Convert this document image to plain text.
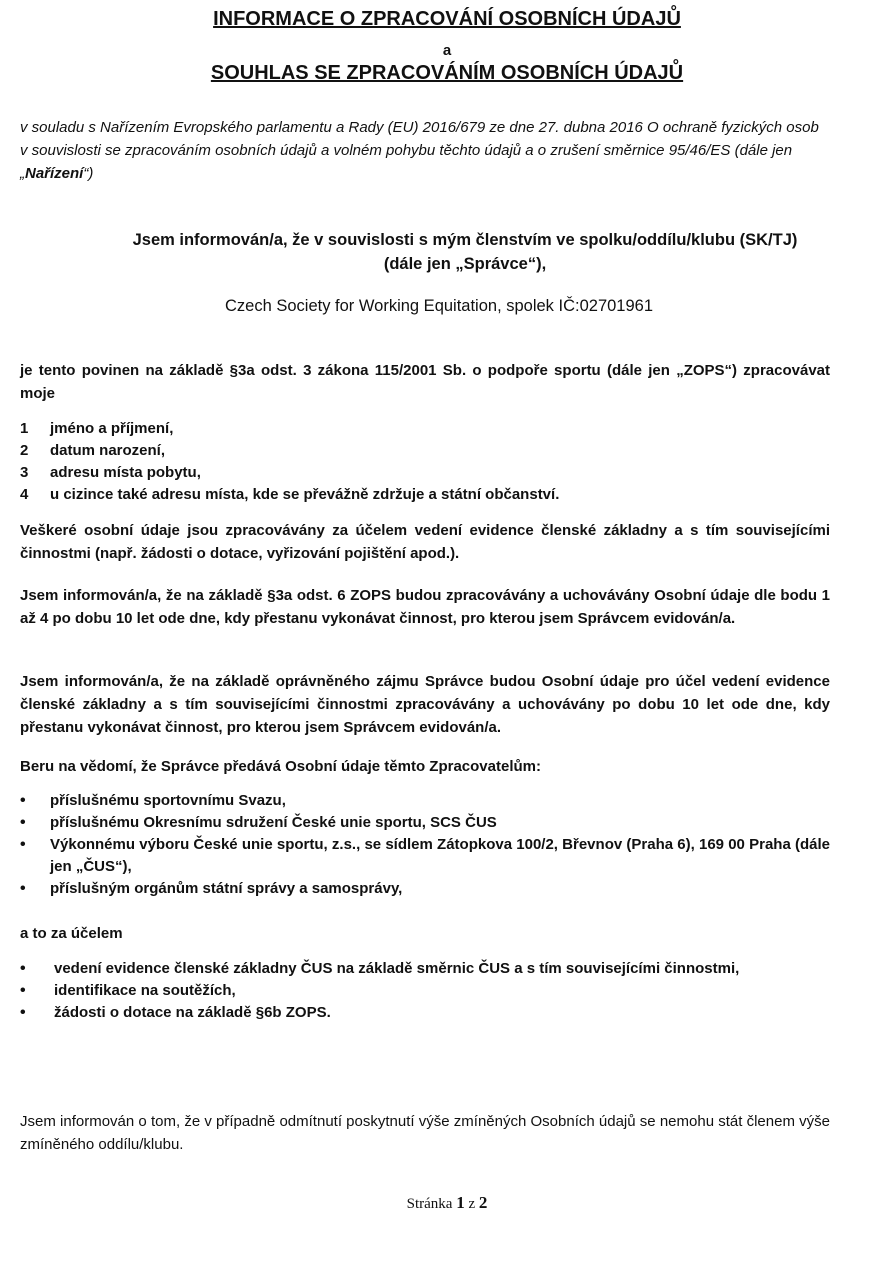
INFORMACE O ZPRACOVÁNÍ OSOBNÍCH ÚDAJŮ
a
SOUHLAS SE ZPRACOVÁNÍM OSOBNÍCH ÚDAJŮ
v souladu s Nařízením Evropského parlamentu a Rady (EU) 2016/679 ze dne 27. dubna 2016 O ochraně fyzických osob v souvislosti se zpracováním osobních údajů a volném pohybu těchto údajů a o zrušení směrnice 95/46/ES (dále jen „Nařízení“)
Jsem informován/a, že v souvislosti s mým členstvím ve spolku/oddílu/klubu (SK/TJ)
(dále jen „Správce“),
Czech Society for Working Equitation, spolek IČ:02701961
je tento povinen na základě §3a odst. 3 zákona 115/2001 Sb. o podpoře sportu (dále jen „ZOPS“) zpracovávat moje
1	jméno a příjmení,
2	datum narození,
3	adresu místa pobytu,
4	u cizince také adresu místa, kde se převážně zdržuje a státní občanství.
Veškeré osobní údaje jsou zpracovávány za účelem vedení evidence členské základny a s tím souvisejícími činnostmi (např. žádosti o dotace, vyřizování pojištění apod.).
Jsem informován/a, že na základě §3a odst. 6 ZOPS budou zpracovávány a uchovávány Osobní údaje dle bodu 1 až 4 po dobu 10 let ode dne, kdy přestanu vykonávat činnost, pro kterou jsem Správcem evidován/a.
Jsem informován/a, že na základě oprávněného zájmu Správce budou Osobní údaje pro účel vedení evidence členské základny a s tím souvisejícími činnostmi zpracovávány a uchovávány po dobu 10 let ode dne, kdy přestanu vykonávat činnost, pro kterou jsem Správcem evidován/a.
Beru na vědomí, že Správce předává Osobní údaje těmto Zpracovatelům:
•	příslušnému sportovnímu Svazu,
•	příslušnému Okresnímu sdružení České unie sportu, SCS ČUS
•	Výkonnému výboru České unie sportu, z.s., se sídlem Zátopkova 100/2, Břevnov (Praha 6), 169 00 Praha (dále jen „ČUS“),
•	příslušným orgánům státní správy a samosprávy,
a to za účelem
•	vedení evidence členské základny ČUS na základě směrnic ČUS a s tím souvisejícími činnostmi,
•	identifikace na soutěžích,
•	žádosti o dotace na základě §6b ZOPS.
Jsem informován o tom, že v případně odmítnutí poskytnutí výše zmíněných Osobních údajů se nemohu stát členem výše zmíněného oddílu/klubu.
Stránka 1 z 2
